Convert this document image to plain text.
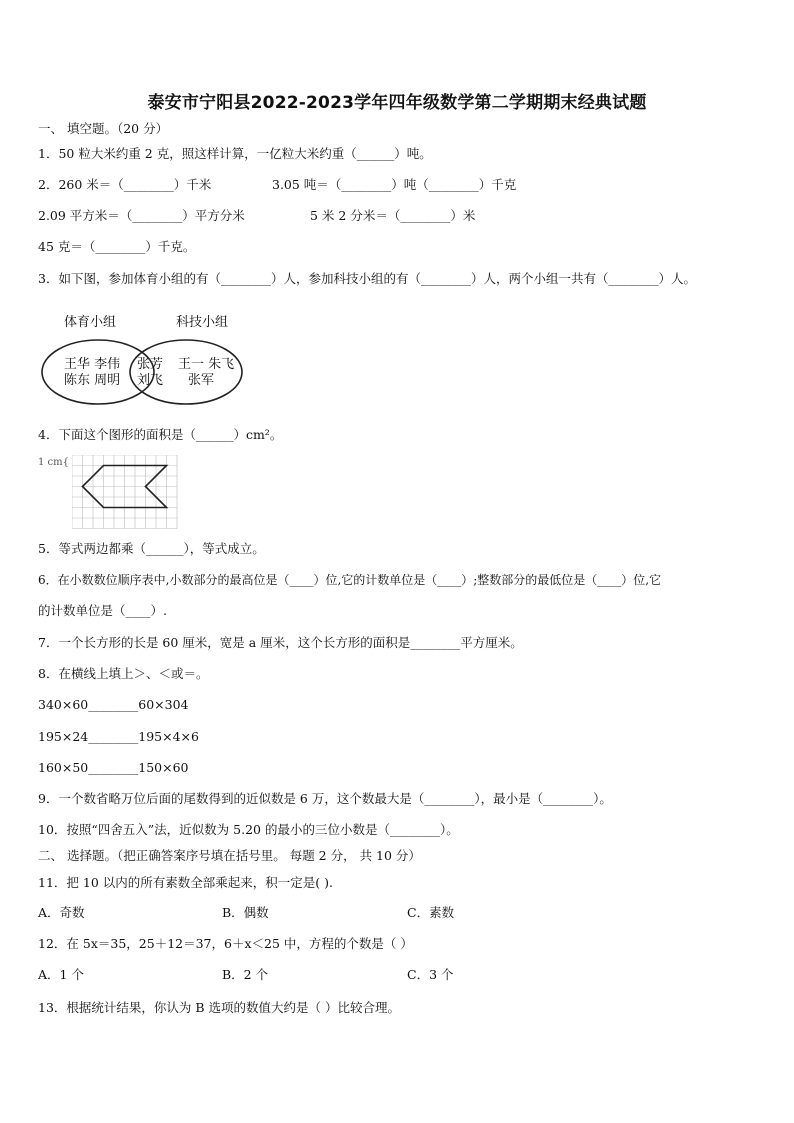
泰安市宁阳县2022-2023学年四年级数学第二学期期末经典试题
一、 填空题。（20 分）
1．50 粒大米约重 2 克，照这样计算，一亿粒大米约重（______）吨。
2．260 米＝（________）千米	3.05 吨＝（________）吨（________）千克
2.09 平方米＝（________）平方分米	5 米 2 分米＝（________）米
45 克＝（________）千克。
3．如下图，参加体育小组的有（________）人，参加科技小组的有（________）人，两个小组一共有（________）人。
体育小组	科技小组
王华 李伟
陈东 周明
张芳
刘飞
王一 朱飞
张军
4．下面这个图形的面积是（______）cm²。
1 cm{
5．等式两边都乘（______），等式成立。
6．在小数数位顺序表中,小数部分的最高位是（____）位,它的计数单位是（____）;整数部分的最低位是（____）位,它
的计数单位是（____）.
7．一个长方形的长是 60 厘米，宽是 a 厘米，这个长方形的面积是________平方厘米。
8．在横线上填上＞、＜或＝。
340×60________60×304
195×24________195×4×6
160×50________150×60
9．一个数省略万位后面的尾数得到的近似数是 6 万，这个数最大是（________），最小是（________）。
10．按照“四舍五入”法，近似数为 5.20 的最小的三位小数是（________）。
二、 选择题。（把正确答案序号填在括号里。 每题 2 分， 共 10 分）
11．把 10 以内的所有素数全部乘起来，积一定是( ).
A．奇数	B．偶数	C．素数
12．在 5x＝35，25＋12＝37，6＋x＜25 中，方程的个数是（ ）
A．1 个	B．2 个	C．3 个
13．根据统计结果，你认为 B 选项的数值大约是（ ）比较合理。
